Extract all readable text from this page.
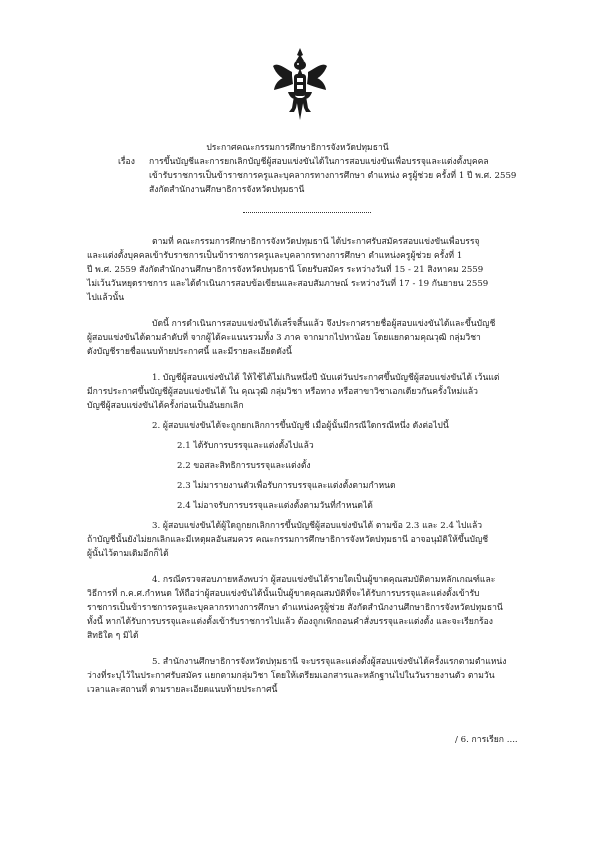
ประกาศคณะกรรมการศึกษาธิการจังหวัดปทุมธานี
เรื่อง การขึ้นบัญชีและการยกเลิกบัญชีผู้สอบแข่งขันได้ในการสอบแข่งขันเพื่อบรรจุและแต่งตั้งบุคคล
เข้ารับราชการเป็นข้าราชการครูและบุคลากรทางการศึกษา ตำแหน่ง ครูผู้ช่วย ครั้งที่ 1 ปี พ.ศ. 2559
สังกัดสำนักงานศึกษาธิการจังหวัดปทุมธานี
ตามที่ คณะกรรมการศึกษาธิการจังหวัดปทุมธานี ได้ประกาศรับสมัครสอบแข่งขันเพื่อบรรจุ
และแต่งตั้งบุคคลเข้ารับราชการเป็นข้าราชการครูและบุคลากรทางการศึกษา ตำแหน่งครูผู้ช่วย ครั้งที่ 1
ปี พ.ศ. 2559 สังกัดสำนักงานศึกษาธิการจังหวัดปทุมธานี โดยรับสมัคร ระหว่างวันที่ 15 - 21 สิงหาคม 2559
ไม่เว้นวันหยุดราชการ และได้ดำเนินการสอบข้อเขียนและสอบสัมภาษณ์ ระหว่างวันที่ 17 - 19 กันยายน 2559
ไปแล้วนั้น
บัดนี้ การดำเนินการสอบแข่งขันได้เสร็จสิ้นแล้ว จึงประกาศรายชื่อผู้สอบแข่งขันได้และขึ้นบัญชี
ผู้สอบแข่งขันได้ตามลำดับที่ จากผู้ได้คะแนนรวมทั้ง 3 ภาค จากมากไปหาน้อย โดยแยกตามคุณวุฒิ กลุ่มวิชา
ดังบัญชีรายชื่อแนบท้ายประกาศนี้ และมีรายละเอียดดังนี้
1. บัญชีผู้สอบแข่งขันได้ ให้ใช้ได้ไม่เกินหนึ่งปี นับแต่วันประกาศขึ้นบัญชีผู้สอบแข่งขันได้ เว้นแต่
มีการประกาศขึ้นบัญชีผู้สอบแข่งขันได้ ใน คุณวุฒิ กลุ่มวิชา หรือทาง หรือสาขาวิชาเอกเดียวกันครั้งใหม่แล้ว
บัญชีผู้สอบแข่งขันได้ครั้งก่อนเป็นอันยกเลิก
2. ผู้สอบแข่งขันได้จะถูกยกเลิกการขึ้นบัญชี เมื่อผู้นั้นมีกรณีใดกรณีหนึ่ง ดังต่อไปนี้
2.1 ได้รับการบรรจุและแต่งตั้งไปแล้ว
2.2 ขอสละสิทธิการบรรจุและแต่งตั้ง
2.3 ไม่มารายงานตัวเพื่อรับการบรรจุและแต่งตั้งตามกำหนด
2.4 ไม่อาจรับการบรรจุและแต่งตั้งตามวันที่กำหนดได้
3. ผู้สอบแข่งขันได้ผู้ใดถูกยกเลิกการขึ้นบัญชีผู้สอบแข่งขันได้ ตามข้อ 2.3 และ 2.4 ไปแล้ว
ถ้าบัญชีนั้นยังไม่ยกเลิกและมีเหตุผลอันสมควร คณะกรรมการศึกษาธิการจังหวัดปทุมธานี อาจอนุมัติให้ขึ้นบัญชี
ผู้นั้นไว้ตามเดิมอีกก็ได้
4. กรณีตรวจสอบภายหลังพบว่า ผู้สอบแข่งขันได้รายใดเป็นผู้ขาดคุณสมบัติตามหลักเกณฑ์และ
วิธีการที่ ก.ค.ศ.กำหนด ให้ถือว่าผู้สอบแข่งขันได้นั้นเป็นผู้ขาดคุณสมบัติที่จะได้รับการบรรจุและแต่งตั้งเข้ารับ
ราชการเป็นข้าราชการครูและบุคลากรทางการศึกษา ตำแหน่งครูผู้ช่วย สังกัดสำนักงานศึกษาธิการจังหวัดปทุมธานี
ทั้งนี้ หากได้รับการบรรจุและแต่งตั้งเข้ารับราชการไปแล้ว ต้องถูกเพิกถอนคำสั่งบรรจุและแต่งตั้ง และจะเรียกร้อง
สิทธิใด ๆ มิได้
5. สำนักงานศึกษาธิการจังหวัดปทุมธานี จะบรรจุและแต่งตั้งผู้สอบแข่งขันได้ครั้งแรกตามตำแหน่ง
ว่างที่ระบุไว้ในประกาศรับสมัคร แยกตามกลุ่มวิชา โดยให้เตรียมเอกสารและหลักฐานไปในวันรายงานตัว ตามวัน
เวลาและสถานที่ ตามรายละเอียดแนบท้ายประกาศนี้
/ 6. การเรียก ....
